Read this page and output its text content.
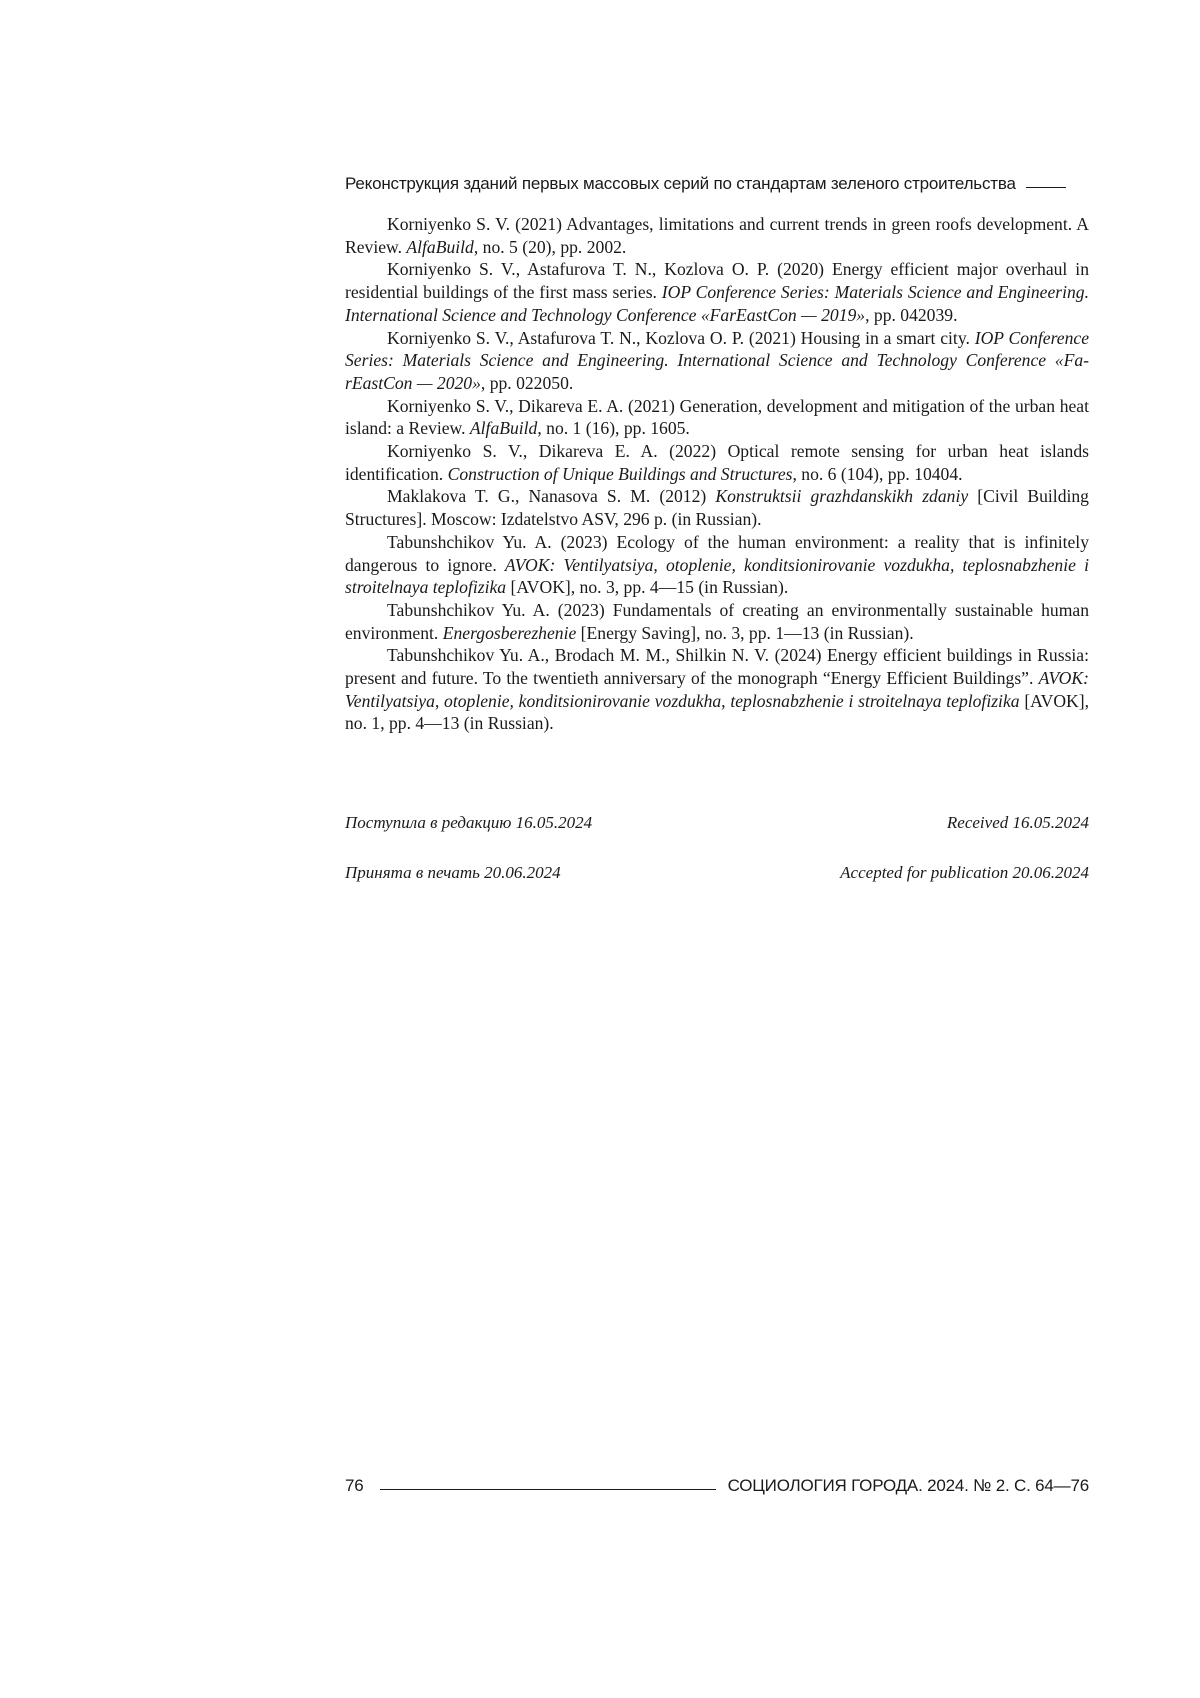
Реконструкция зданий первых массовых серий по стандартам зеленого строительства

Korniyenko S. V. (2021) Advantages, limitations and current trends in green roofs development. A Review. AlfaBuild, no. 5 (20), pp. 2002.

Korniyenko S. V., Astafurova T. N., Kozlova O. P. (2020) Energy efficient major overhaul in residential buildings of the first mass series. IOP Conference Series: Materials Science and Engineering. International Science and Technology Conference «FarEastCon — 2019», pp. 042039.

Korniyenko S. V., Astafurova T. N., Kozlova O. P. (2021) Housing in a smart city. IOP Conference Series: Materials Science and Engineering. International Science and Technology Conference «FarEastCon — 2020», pp. 022050.

Korniyenko S. V., Dikareva E. A. (2021) Generation, development and mitigation of the urban heat island: a Review. AlfaBuild, no. 1 (16), pp. 1605.

Korniyenko S. V., Dikareva E. A. (2022) Optical remote sensing for urban heat islands identification. Construction of Unique Buildings and Structures, no. 6 (104), pp. 10404.

Maklakova T. G., Nanasova S. M. (2012) Konstruktsii grazhdanskikh zdaniy [Civil Building Structures]. Moscow: Izdatelstvo ASV, 296 p. (in Russian).

Tabunshchikov Yu. A. (2023) Ecology of the human environment: a reality that is infinitely dangerous to ignore. AVOK: Ventilyatsiya, otoplenie, konditsionirovanie vozdukha, teplosnabzhenie i stroitelnaya teplofizika [AVOK], no. 3, pp. 4—15 (in Russian).

Tabunshchikov Yu. A. (2023) Fundamentals of creating an environmentally sustainable human environment. Energosberezhenie [Energy Saving], no. 3, pp. 1—13 (in Russian).

Tabunshchikov Yu. A., Brodach M. M., Shilkin N. V. (2024) Energy efficient buildings in Russia: present and future. To the twentieth anniversary of the monograph “Energy Efficient Buildings”. AVOK: Ventilyatsiya, otoplenie, konditsionirovanie vozdukha, teplosnabzhenie i stroitelnaya teplofizika [AVOK], no. 1, pp. 4—13 (in Russian).

Поступила в редакцию 16.05.2024	Received 16.05.2024
Принята в печать 20.06.2024	Accepted for publication 20.06.2024
76	СОЦИОЛОГИЯ ГОРОДА. 2024. № 2. С. 64—76
